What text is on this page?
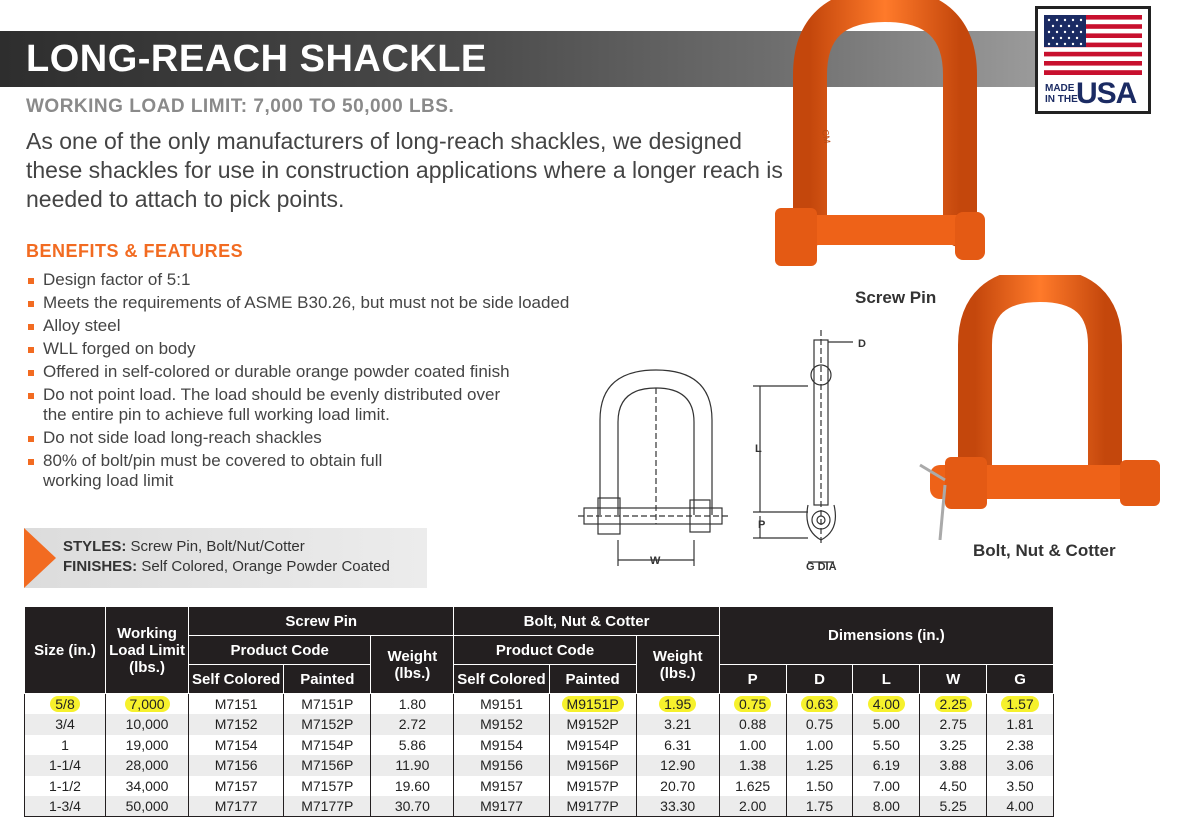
LONG-REACH SHACKLE
WORKING LOAD LIMIT: 7,000 TO 50,000 LBS.
As one of the only manufacturers of long-reach shackles, we designed these shackles for use in construction applications where a longer reach is needed to attach to pick points.
MADE
IN THE
USA
BENEFITS & FEATURES
Design factor of 5:1
Meets the requirements of ASME B30.26, but must not be side loaded
Alloy steel
WLL forged on body
Offered in self-colored or durable orange powder coated finish
Do not point load. The load should be evenly distributed over the entire pin to achieve full working load limit.
Do not side load long-reach shackles
80% of bolt/pin must be covered to obtain full working load limit
STYLES: Screw Pin, Bolt/Nut/Cotter
FINISHES: Self Colored, Orange Powder Coated
CM
Screw Pin
Bolt, Nut & Cotter
D
L
P
W	G DIA
Size (in.)	Working Load Limit (lbs.)	Screw Pin			Bolt, Nut & Cotter			Dimensions (in.)				
		Product Code		Weight (lbs.)	Product Code		Weight (lbs.)					
		Self Colored	Painted		Self Colored	Painted		P	D	L	W	G
5/8	7,000	M7151	M7151P	1.80	M9151	M9151P	1.95	0.75	0.63	4.00	2.25	1.57
3/4	10,000	M7152	M7152P	2.72	M9152	M9152P	3.21	0.88	0.75	5.00	2.75	1.81
1	19,000	M7154	M7154P	5.86	M9154	M9154P	6.31	1.00	1.00	5.50	3.25	2.38
1-1/4	28,000	M7156	M7156P	11.90	M9156	M9156P	12.90	1.38	1.25	6.19	3.88	3.06
1-1/2	34,000	M7157	M7157P	19.60	M9157	M9157P	20.70	1.625	1.50	7.00	4.50	3.50
1-3/4	50,000	M7177	M7177P	30.70	M9177	M9177P	33.30	2.00	1.75	8.00	5.25	4.00
